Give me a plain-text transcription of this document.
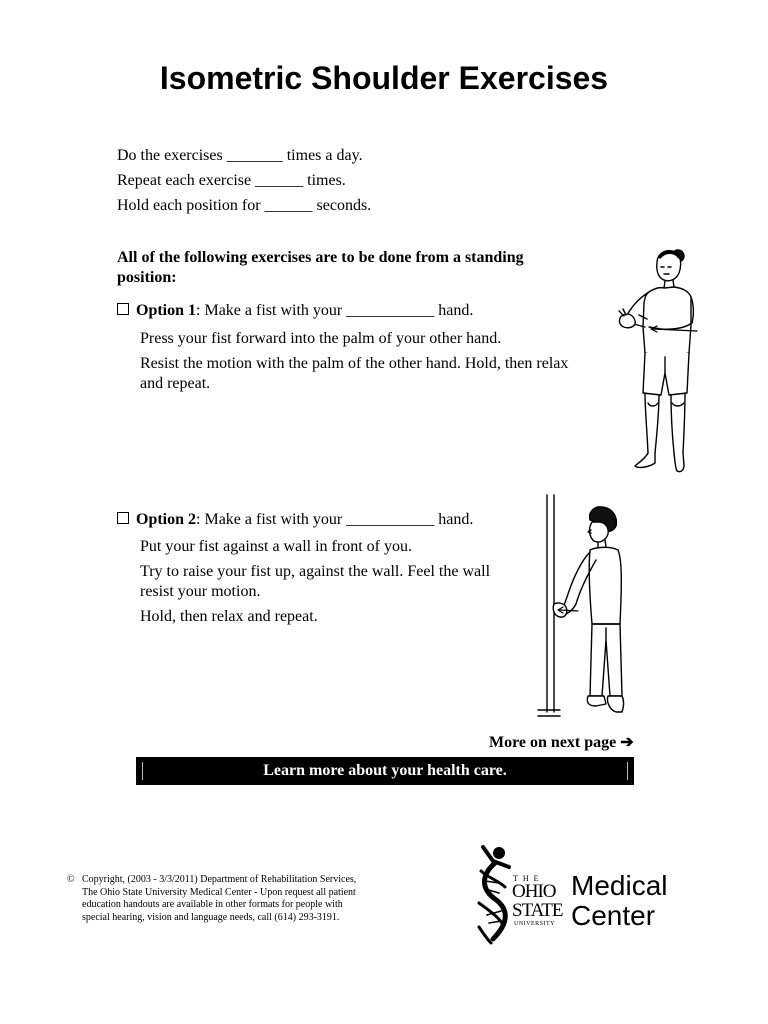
Isometric Shoulder Exercises
Do the exercises _______ times a day.
Repeat each exercise ______ times.
Hold each position for ______ seconds.
All of the following exercises are to be done from a standing position:
Option 1: Make a fist with your ___________ hand.
Press your fist forward into the palm of your other hand.
Resist the motion with the palm of the other hand. Hold, then relax and repeat.
Option 2: Make a fist with your ___________ hand.
Put your fist against a wall in front of you.
Try to raise your fist up, against the wall. Feel the wall resist your motion.
Hold, then relax and repeat.
More on next page ➔
Learn more about your health care.
© Copyright, (2003 - 3/3/2011) Department of Rehabilitation Services, The Ohio State University Medical Center - Upon request all patient education handouts are available in other formats for people with special hearing, vision and language needs, call (614) 293-3191.
THE
OHIO
STATE
UNIVERSITY
Medical
Center
